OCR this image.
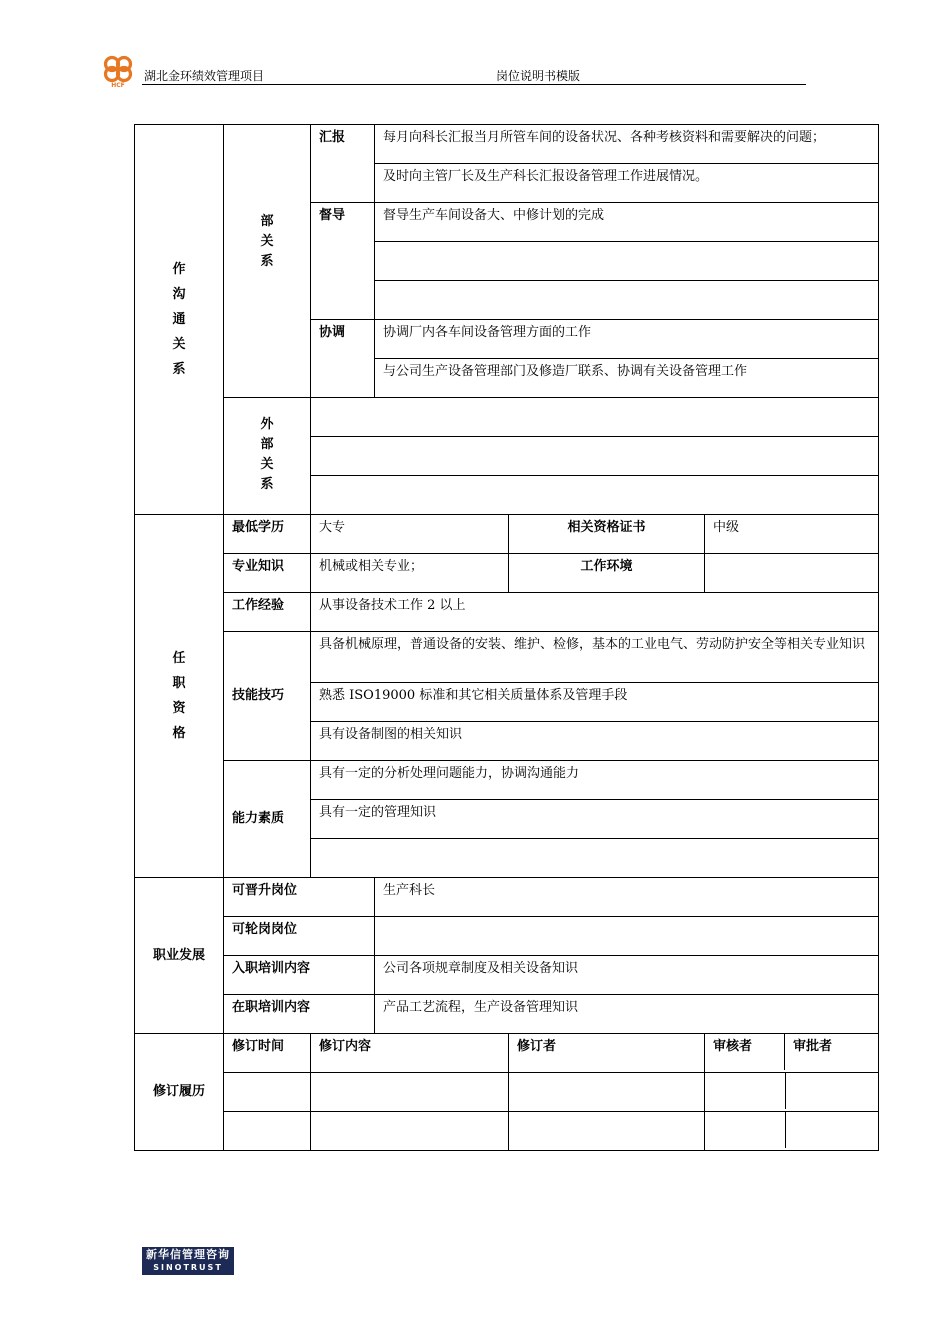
HCF
湖北金环绩效管理项目	岗位说明书模版
作沟通关系	部关系	汇报	每月向科长汇报当月所管车间的设备状况、各种考核资料和需要解决的问题；		
			及时向主管厂长及生产科长汇报设备管理工作进展情况。		
		督导	督导生产车间设备大、中修计划的完成		

		协调	协调厂内各车间设备管理方面的工作		
			与公司生产设备管理部门及修造厂联系、协调有关设备管理工作		
	外部关系				

任职资格	最低学历	大专		相关资格证书	中级
	专业知识	机械或相关专业；		工作环境	
	工作经验	从事设备技术工作 2 以上			
	技能技巧	具备机械原理，普通设备的安装、维护、检修，基本的工业电气、劳动防护安全等相关专业知识			
		熟悉 ISO19000 标准和其它相关质量体系及管理手段			
		具有设备制图的相关知识			
	能力素质	具有一定的分析处理问题能力，协调沟通能力			
		具有一定的管理知识			

职业发展	可晋升岗位		生产科长		
	可轮岗岗位				
	入职培训内容		公司各项规章制度及相关设备知识		
	在职培训内容		产品工艺流程，生产设备管理知识		
修订履历	修订时间	修订内容		修订者	审核者 审批者

新华信管理咨询
SINOTRUST
